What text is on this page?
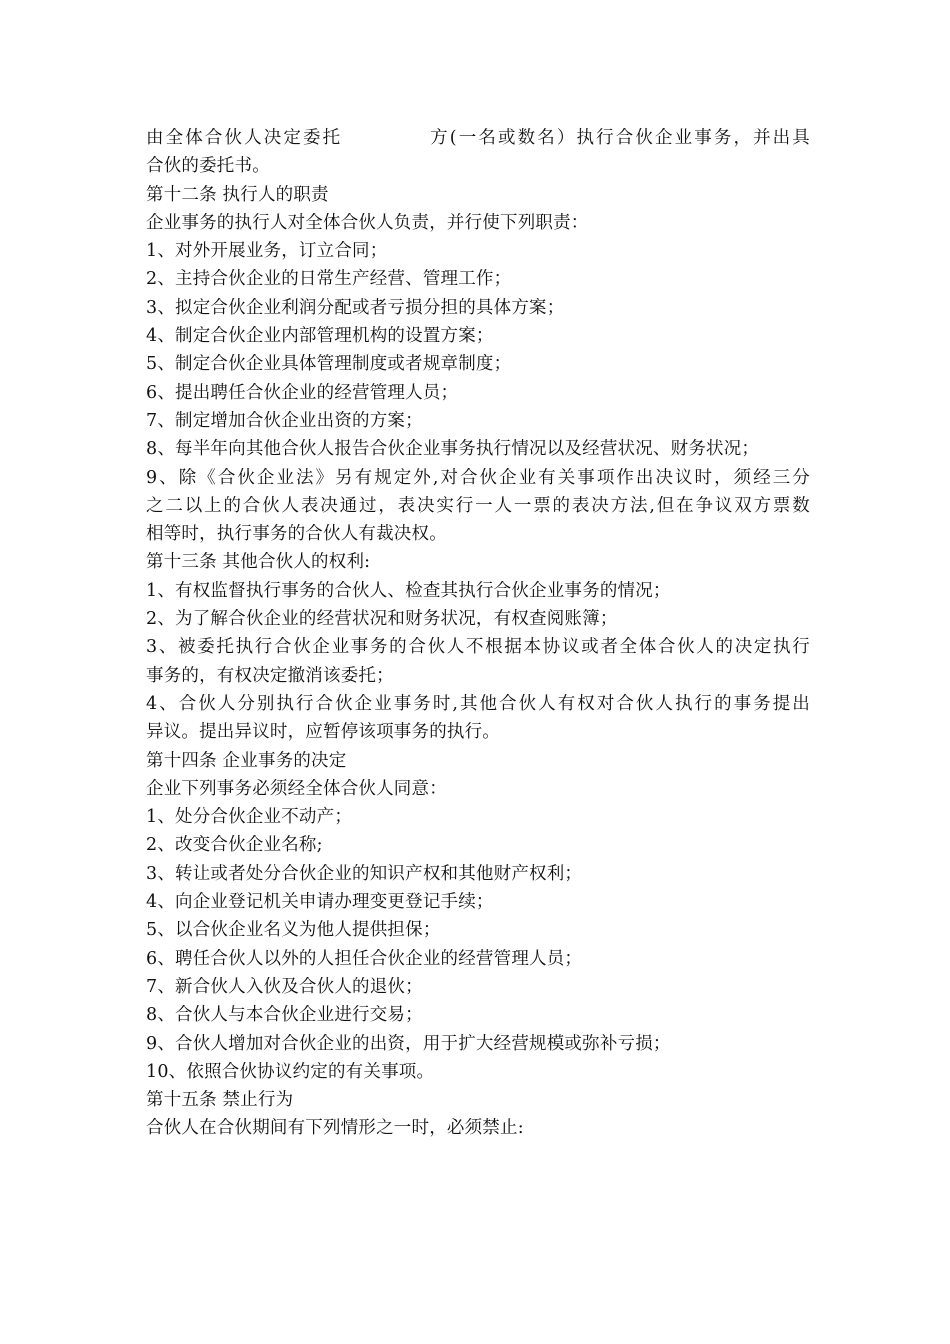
由全体合伙人决定委托	方(一名或数名）执行合伙企业事务，并出具
合伙的委托书。
第十二条 执行人的职责
企业事务的执行人对全体合伙人负责，并行使下列职责：
1、对外开展业务，订立合同；
2、主持合伙企业的日常生产经营、管理工作；
3、拟定合伙企业利润分配或者亏损分担的具体方案；
4、制定合伙企业内部管理机构的设置方案；
5、制定合伙企业具体管理制度或者规章制度；
6、提出聘任合伙企业的经营管理人员；
7、制定增加合伙企业出资的方案；
8、每半年向其他合伙人报告合伙企业事务执行情况以及经营状况、财务状况；
9、除《合伙企业法》另有规定外,对合伙企业有关事项作出决议时，须经三分
之二以上的合伙人表决通过，表决实行一人一票的表决方法,但在争议双方票数
相等时，执行事务的合伙人有裁决权。
第十三条 其他合伙人的权利:
1、有权监督执行事务的合伙人、检查其执行合伙企业事务的情况；
2、为了解合伙企业的经营状况和财务状况，有权查阅账簿；
3、被委托执行合伙企业事务的合伙人不根据本协议或者全体合伙人的决定执行
事务的，有权决定撤消该委托；
4、合伙人分别执行合伙企业事务时,其他合伙人有权对合伙人执行的事务提出
异议。提出异议时，应暂停该项事务的执行。
第十四条 企业事务的决定
企业下列事务必须经全体合伙人同意：
1、处分合伙企业不动产；
2、改变合伙企业名称;
3、转让或者处分合伙企业的知识产权和其他财产权利；
4、向企业登记机关申请办理变更登记手续；
5、以合伙企业名义为他人提供担保；
6、聘任合伙人以外的人担任合伙企业的经营管理人员；
7、新合伙人入伙及合伙人的退伙；
8、合伙人与本合伙企业进行交易；
9、合伙人增加对合伙企业的出资，用于扩大经营规模或弥补亏损；
10、依照合伙协议约定的有关事项。
第十五条 禁止行为
合伙人在合伙期间有下列情形之一时，必须禁止:
